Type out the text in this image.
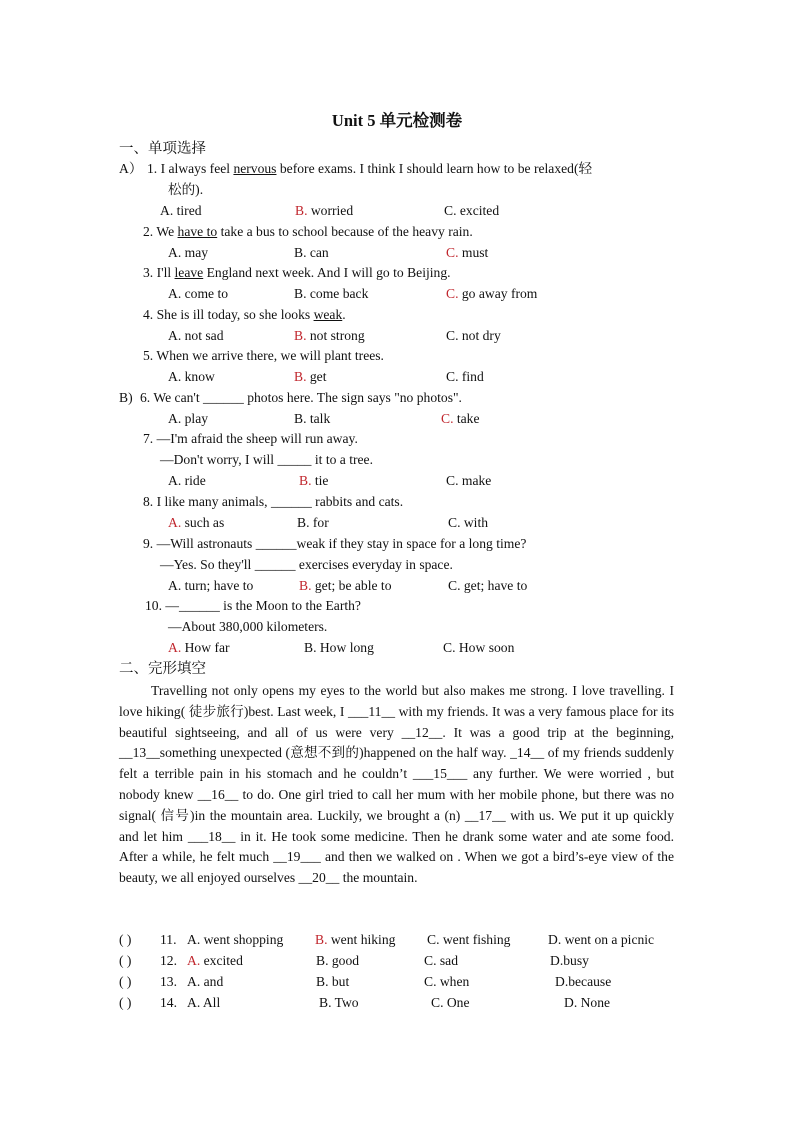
Unit 5 单元检测卷
一、单项选择
A）
B)
1. I always feel nervous before exams. I think I should learn how to be relaxed(轻
松的).
A. tired	B. worried	C. excited
2. We have to take a bus to school because of the heavy rain.
A. may	B. can	C. must
3. I'll leave England next week. And I will go to Beijing.
A. come to	B. come back	C. go away from
4. She is ill today, so she looks weak.
A. not sad	B. not strong	C. not dry
5. When we arrive there, we will plant trees.
A. know	B. get	C. find
6. We can't ______ photos here. The sign says "no photos".
A. play	B. talk	C. take
7. —I'm afraid the sheep will run away.
—Don't worry, I will _____ it to a tree.
A. ride	B. tie	C. make
8. I like many animals, ______ rabbits and cats.
A. such as	B. for	C. with
9. —Will astronauts ______weak if they stay in space for a long time?
—Yes. So they'll ______ exercises everyday in space.
A. turn; have to	B. get; be able to	C. get; have to
10. —______ is the Moon to the Earth?
—About 380,000 kilometers.
A. How far	B. How long	C. How soon
二、完形填空

Travelling not only opens my eyes to the world but also makes me strong. I love travelling. I love hiking( 徒步旅行)best. Last week, I ___11__ with my friends. It was a very famous place for its beautiful sightseeing, and all of us were very __12__. It was a good trip at the beginning, __13__something unexpected (意想不到的)happened on the half way. _14__ of my friends suddenly felt a terrible pain in his stomach and he couldn’t ___15___ any further. We were worried , but nobody knew __16__ to do. One girl tried to call her mum with her mobile phone, but there was no signal( 信号)in the mountain area. Luckily, we brought a (n) __17__ with us. We put it up quickly and let him ___18__ in it. He took some medicine. Then he drank some water and ate some food. After a while, he felt much __19___ and then we walked on . When we got a bird’s-eye view of the beauty, we all enjoyed ourselves __20__ the mountain.

( ) 11. A. went shopping B. went hiking C. went fishing	D. went on a picnic
( ) 12. A. excited	B. good	C. sad	D.busy
( ) 13. A. and	B. but	C. when	D.because
( ) 14. A. All	B. Two	C. One	D. None
